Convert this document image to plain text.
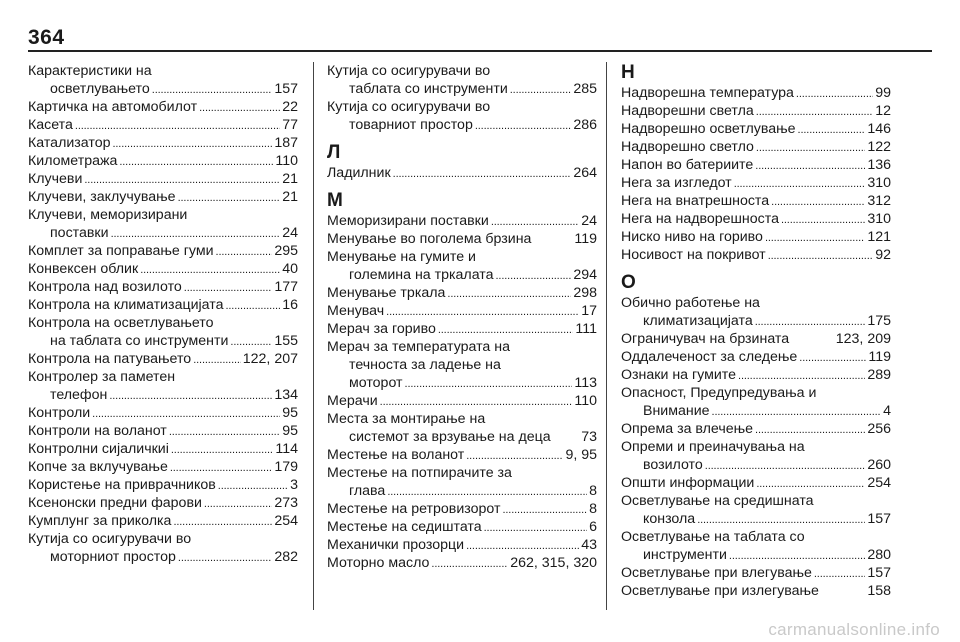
364
Карактеристики на
осветлувањето . . .	157
Картичка на автомобилот . . .	22
Касета . . .	77
Катализатор . . .	187
Километража . . .	110
Клучеви . . .	21
Клучеви, заклучување . . .	21
Клучеви, меморизирани
поставки . . .	24
Комплет за поправање гуми . . .	295
Конвексен облик . . .	40
Контрола над возилото . . .	177
Контрола на климатизацијата . . .	16
Контрола на осветлувањето
на таблата со инструменти . . .	155
Контрола на патувањето . . .	122, 207
Контролер за паметен
телефон . . .	134
Контроли . . .	95
Контроли на воланот . . .	95
Контролни сијаличкиi . . .	114
Копче за вклучување . . .	179
Користење на приврачников . . .	3
Ксенонски предни фарови . . .	273
Кумплунг за приколка . . .	254
Кутија со осигурувачи во
моторниот простор . . .	282
Кутија со осигурувачи во
таблата со инструменти . . .	285
Кутија со осигурувачи во
товарниот простор . . .	286
Л
Ладилник . . .	264
М
Меморизирани поставки . . .	24
Менување во поголема брзина	119
Менување на гумите и
големина на тркалата . . .	294
Менување тркала . . .	298
Менувач . . .	17
Мерач за гориво . . .	111
Мерач за температурата на
течноста за ладење на
моторот . . .	113
Мерачи . . .	110
Места за монтирање на
системот за врзување на деца 73
Местење на воланот . . .	9, 95
Местење на потпирачите за
глава . . .	8
Местење на ретровизорот . . .	8
Местење на седиштата . . .	6
Механички прозорци . . .	43
Моторно масло . . .	262, 315, 320
Н
Надворешна температура . . .	99
Надворешни светла . . .	12
Надворешно осветлување . . .	146
Надворешно светло . . .	122
Напон во батериите . . .	136
Нега за изгледот . . .	310
Нега на внатрешноста . . .	312
Нега на надворешноста . . .	310
Ниско ниво на гориво . . .	121
Носивост на покривот . . .	92
О
Обично работење на
климатизацијата . . .	175
Ограничувач на брзината	123, 209
Оддалеченост за следење . . .	119
Ознаки на гумите . . .	289
Опасност, Предупредувања и
Внимание . . .	4
Опрема за влечење . . .	256
Опреми и преиначувања на
возилото . . .	260
Општи информации . . .	254
Осветлување на средишната
конзола . . .	157
Осветлување на таблата со
инструменти . . .	280
Осветлување при влегување . . .	157
Осветлување при излегување	158
carmanualsonline.info
